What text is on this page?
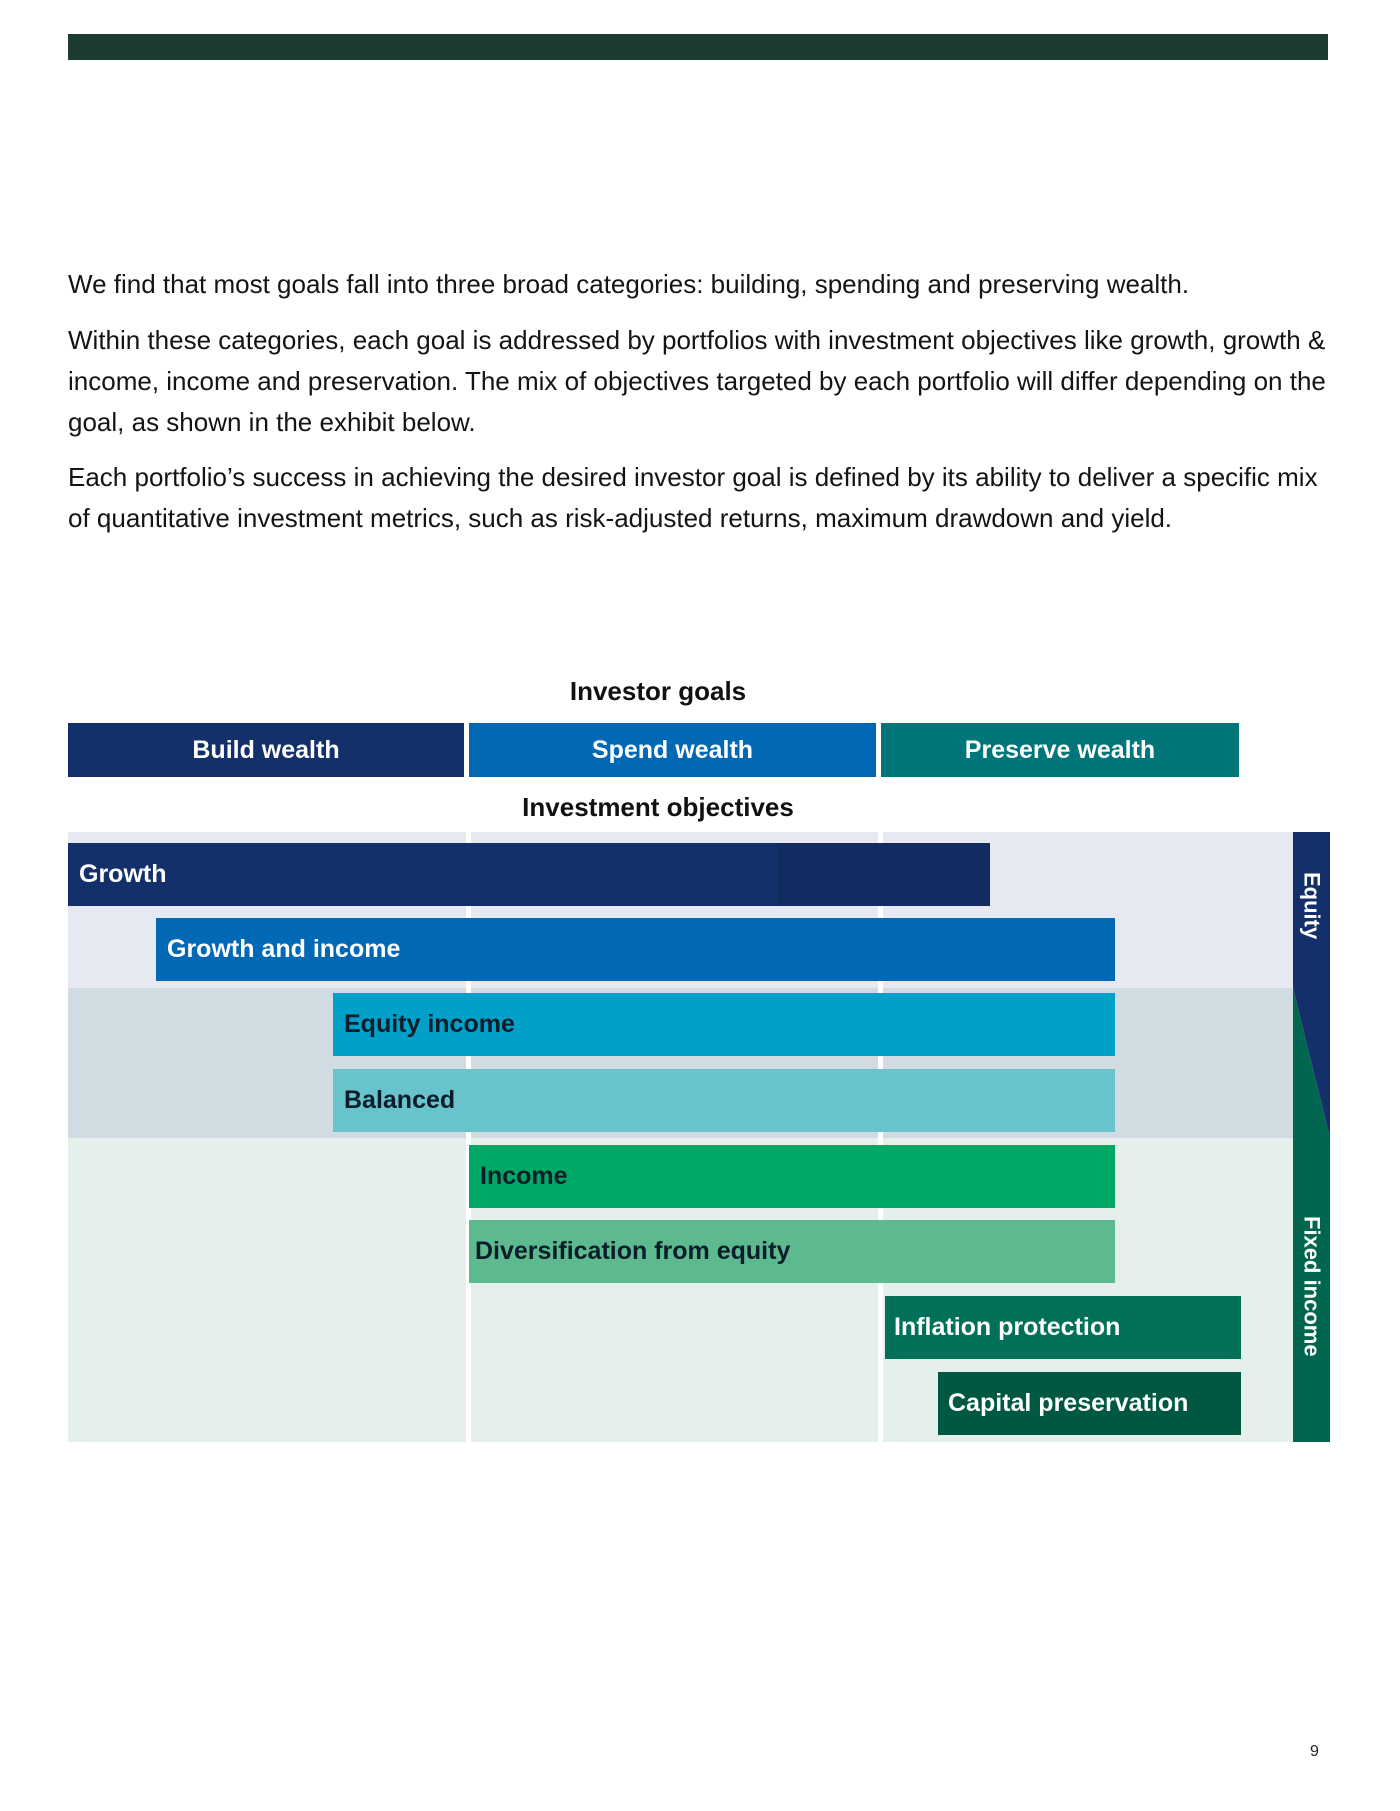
We find that most goals fall into three broad categories: building, spending and preserving wealth.

Within these categories, each goal is addressed by portfolios with investment objectives like growth, growth & income, income and preservation. The mix of objectives targeted by each portfolio will differ depending on the goal, as shown in the exhibit below.

Each portfolio’s success in achieving the desired investor goal is defined by its ability to deliver a specific mix of quantitative investment metrics, such as risk-adjusted returns, maximum drawdown and yield.

Investor goals
Build wealth	Spend wealth	Preserve wealth
Investment objectives
Growth
Growth and income
Equity income
Balanced
Income
Diversification from equity
Inflation protection
Capital preservation
Equity
Fixed income
9
